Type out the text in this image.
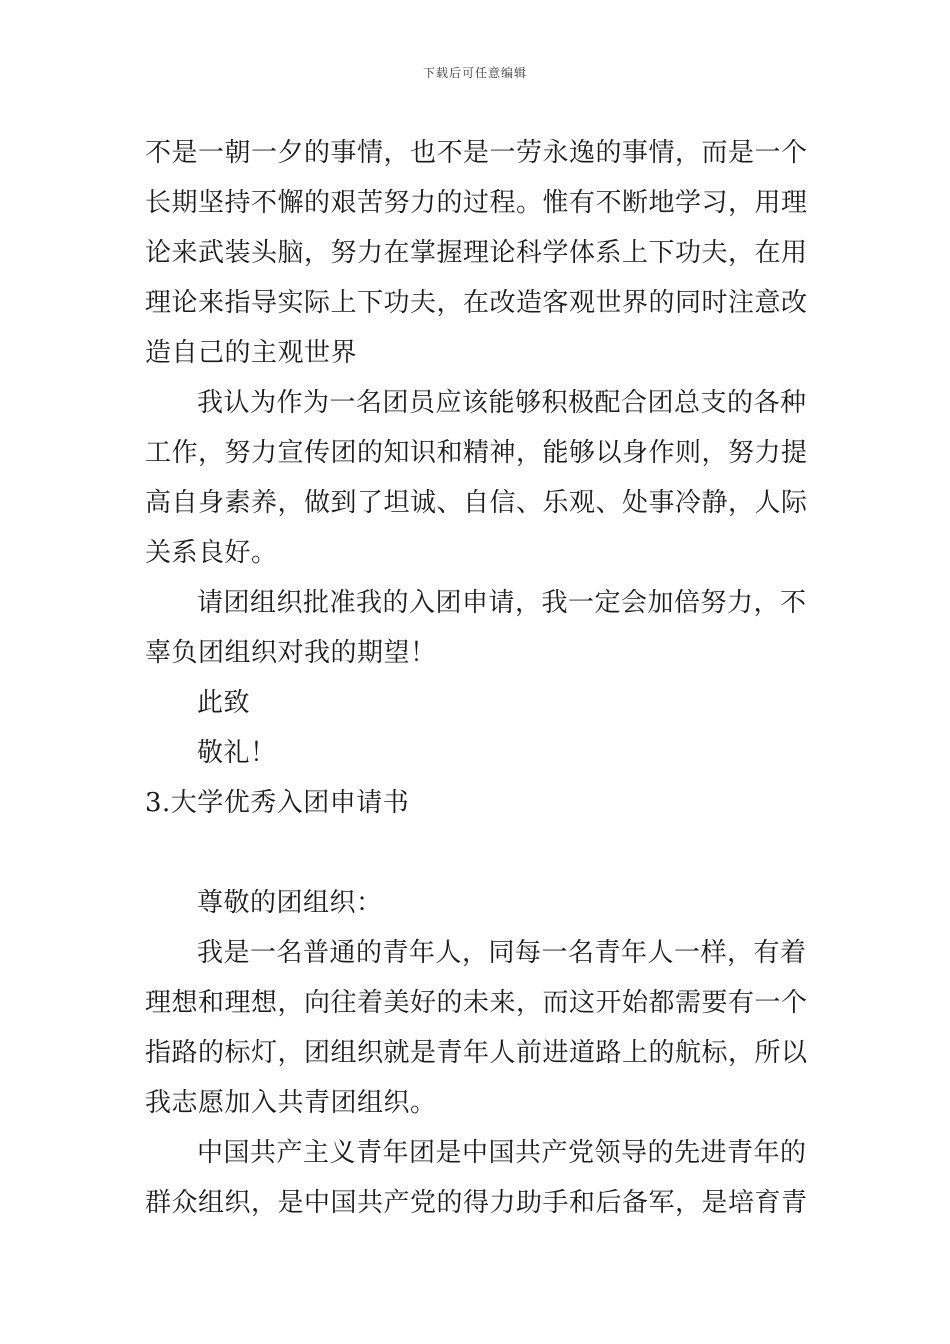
下载后可任意编辑
不是一朝一夕的事情，也不是一劳永逸的事情，而是一个
长期坚持不懈的艰苦努力的过程。惟有不断地学习，用理
论来武装头脑，努力在掌握理论科学体系上下功夫，在用
理论来指导实际上下功夫，在改造客观世界的同时注意改
造自己的主观世界
我认为作为一名团员应该能够积极配合团总支的各种
工作，努力宣传团的知识和精神，能够以身作则，努力提
高自身素养，做到了坦诚、自信、乐观、处事冷静，人际
关系良好。
请团组织批准我的入团申请，我一定会加倍努力，不
辜负团组织对我的期望！
此致
敬礼！
3.大学优秀入团申请书
尊敬的团组织：
我是一名普通的青年人，同每一名青年人一样，有着
理想和理想，向往着美好的未来，而这开始都需要有一个
指路的标灯，团组织就是青年人前进道路上的航标，所以
我志愿加入共青团组织。
中国共产主义青年团是中国共产党领导的先进青年的
群众组织，是中国共产党的得力助手和后备军，是培育青
